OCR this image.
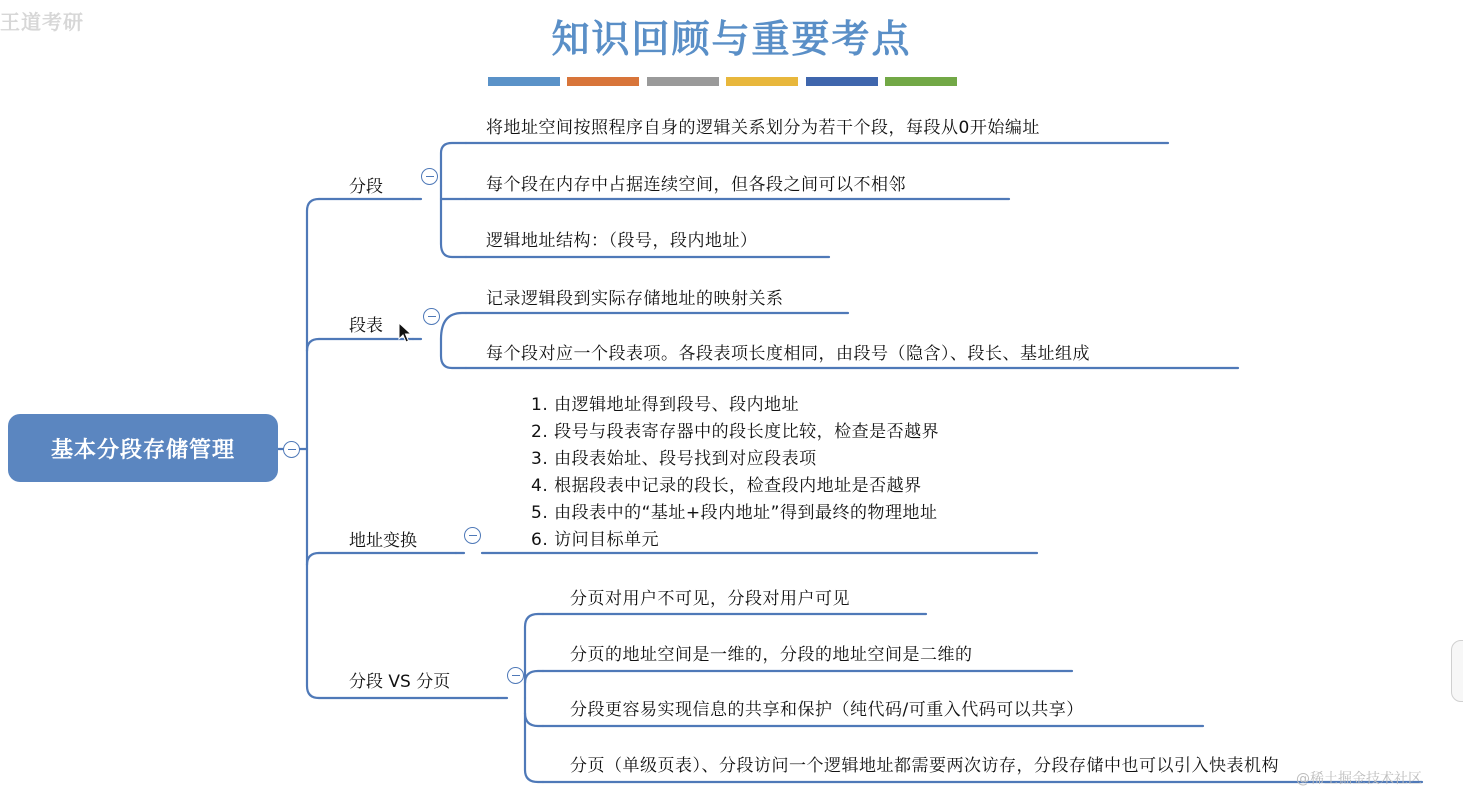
王道考研	知识回顾与重要考点
基本分段存储管理
分段
将地址空间按照程序自身的逻辑关系划分为若干个段，每段从0开始编址
每个段在内存中占据连续空间，但各段之间可以不相邻
逻辑地址结构：（段号，段内地址）
段表
记录逻辑段到实际存储地址的映射关系
每个段对应一个段表项。各段表项长度相同，由段号（隐含）、段长、基址组成
地址变换
1. 由逻辑地址得到段号、段内地址
2. 段号与段表寄存器中的段长度比较，检查是否越界
3. 由段表始址、段号找到对应段表项
4. 根据段表中记录的段长，检查段内地址是否越界
5. 由段表中的“基址+段内地址”得到最终的物理地址
6. 访问目标单元
分段 VS 分页
分页对用户不可见，分段对用户可见
分页的地址空间是一维的，分段的地址空间是二维的
分段更容易实现信息的共享和保护（纯代码/可重入代码可以共享）
分页（单级页表）、分段访问一个逻辑地址都需要两次访存，分段存储中也可以引入快表机构
@稀土掘金技术社区
